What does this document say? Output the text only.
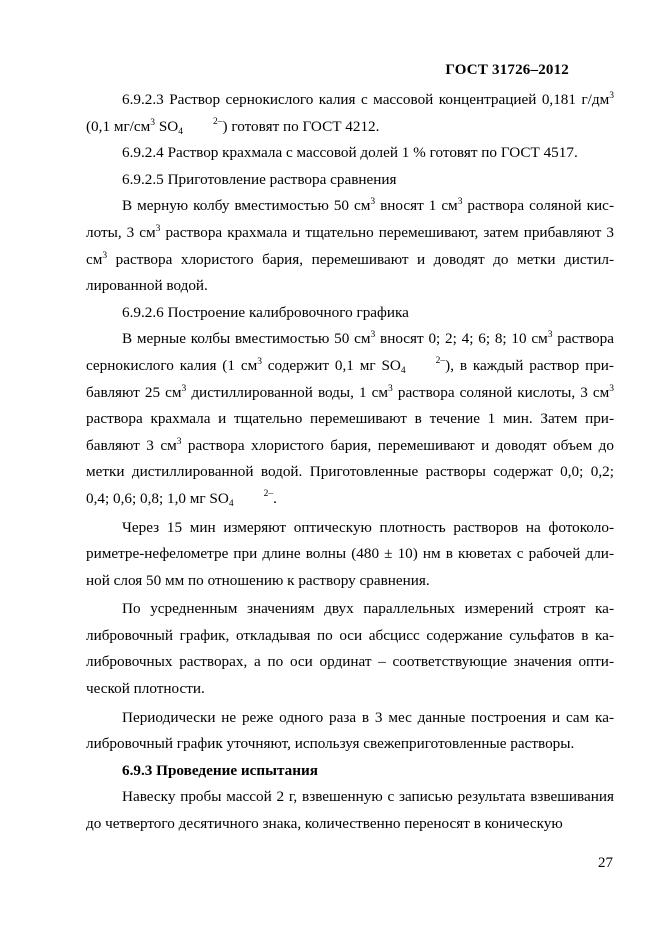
ГОСТ 31726–2012

6.9.2.3 Раствор сернокислого калия с массовой концентрацией 0,181 $г/дм^3$ (0,1 $мг/см^3$ $SO_42-$) готовят по ГОСТ 4212.

6.9.2.4 Раствор крахмала с массовой долей 1 % готовят по ГОСТ 4517.

6.9.2.5 Приготовление раствора сравнения

В мерную колбу вместимостью 50 $см^3$ вносят 1 $см^3$ раствора соляной кислоты, 3 $см^3$ раствора крахмала и тщательно перемешивают, затем прибавляют 3 $см^3$ раствора хлористого бария, перемешивают и доводят до метки дистиллированной водой.

6.9.2.6 Построение калибровочного графика

В мерные колбы вместимостью 50 $см^3$ вносят 0; 2; 4; 6; 8; 10 $см^3$ раствора сернокислого калия (1 $см^3$ содержит 0,1 мг $SO_42-$), в каждый раствор прибавляют 25 $см^3$ дистиллированной воды, 1 $см^3$ раствора соляной кислоты, 3 $см^3$ раствора крахмала и тщательно перемешивают в течение 1 мин. Затем прибавляют 3 $см^3$ раствора хлористого бария, перемешивают и доводят объем до метки дистиллированной водой. Приготовленные растворы содержат 0,0; 0,2; 0,4; 0,6; 0,8; 1,0 мг $SO_42-$.

Через 15 мин измеряют оптическую плотность растворов на фотоколориметре-нефелометре при длине волны (480 ± 10) нм в кюветах с рабочей длиной слоя 50 мм по отношению к раствору сравнения.

По усредненным значениям двух параллельных измерений строят калибровочный график, откладывая по оси абсцисс содержание сульфатов в калибровочных растворах, а по оси ординат – соответствующие значения оптической плотности.

Периодически не реже одного раза в 3 мес данные построения и сам калибровочный график уточняют, используя свежеприготовленные растворы.

6.9.3 Проведение испытания

Навеску пробы массой 2 г, взвешенную с записью результата взвешивания до четвертого десятичного знака, количественно переносят в коническую

27
